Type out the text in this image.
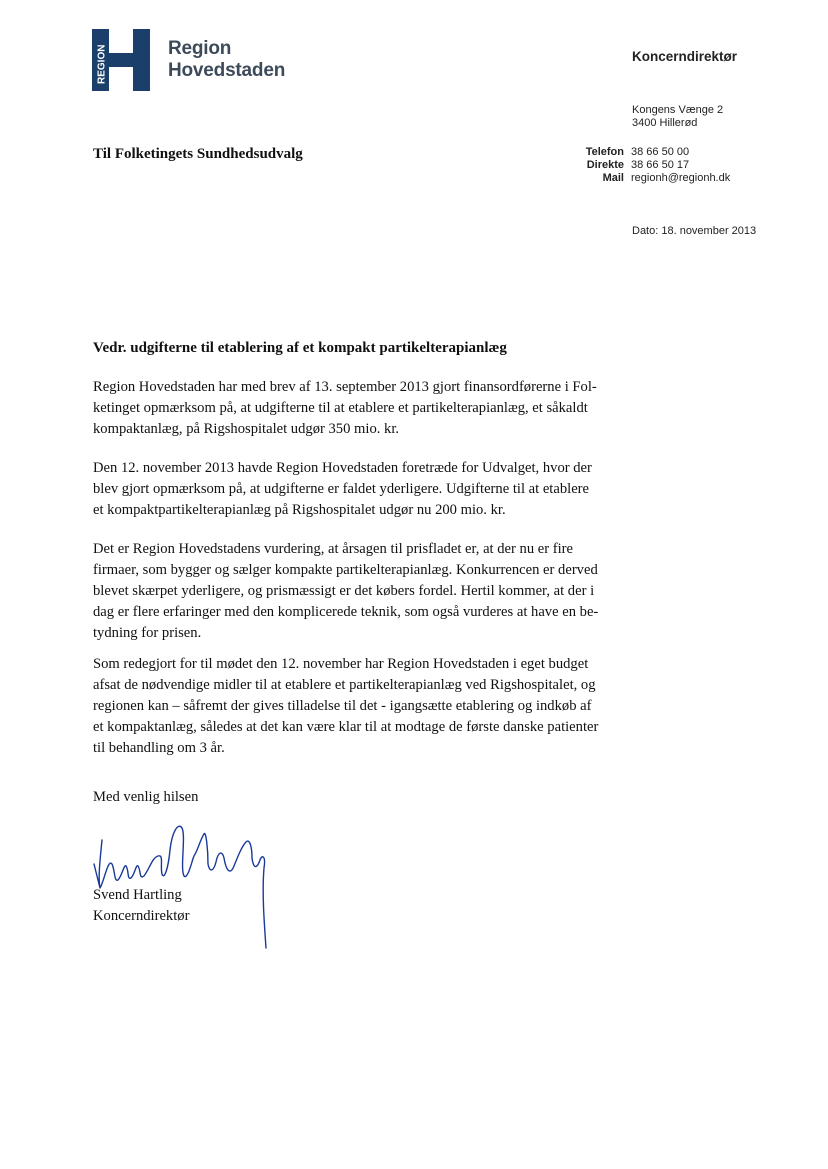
REGION	Region
Hovedstaden
Koncerndirektør
Kongens Vænge 2
3400 Hillerød
Telefon 38 66 50 00
Direkte 38 66 50 17
Mail regionh@regionh.dk
Dato: 18. november 2013
Til Folketingets Sundhedsudvalg
Vedr. udgifterne til etablering af et kompakt partikelterapianlæg
Region Hovedstaden har med brev af 13. september 2013 gjort finansordførerne i Fol-
ketinget opmærksom på, at udgifterne til at etablere et partikelterapianlæg, et såkaldt
kompaktanlæg, på Rigshospitalet udgør 350 mio. kr.
Den 12. november 2013 havde Region Hovedstaden foretræde for Udvalget, hvor der
blev gjort opmærksom på, at udgifterne er faldet yderligere. Udgifterne til at etablere
et kompaktpartikelterapianlæg på Rigshospitalet udgør nu 200 mio. kr.
Det er Region Hovedstadens vurdering, at årsagen til prisfladet er, at der nu er fire
firmaer, som bygger og sælger kompakte partikelterapianlæg. Konkurrencen er derved
blevet skærpet yderligere, og prismæssigt er det købers fordel. Hertil kommer, at der i
dag er flere erfaringer med den komplicerede teknik, som også vurderes at have en be-
tydning for prisen.
Som redegjort for til mødet den 12. november har Region Hovedstaden i eget budget
afsat de nødvendige midler til at etablere et partikelterapianlæg ved Rigshospitalet, og
regionen kan – såfremt der gives tilladelse til det - igangsætte etablering og indkøb af
et kompaktanlæg, således at det kan være klar til at modtage de første danske patienter
til behandling om 3 år.
Med venlig hilsen
Svend Hartling
Koncerndirektør
